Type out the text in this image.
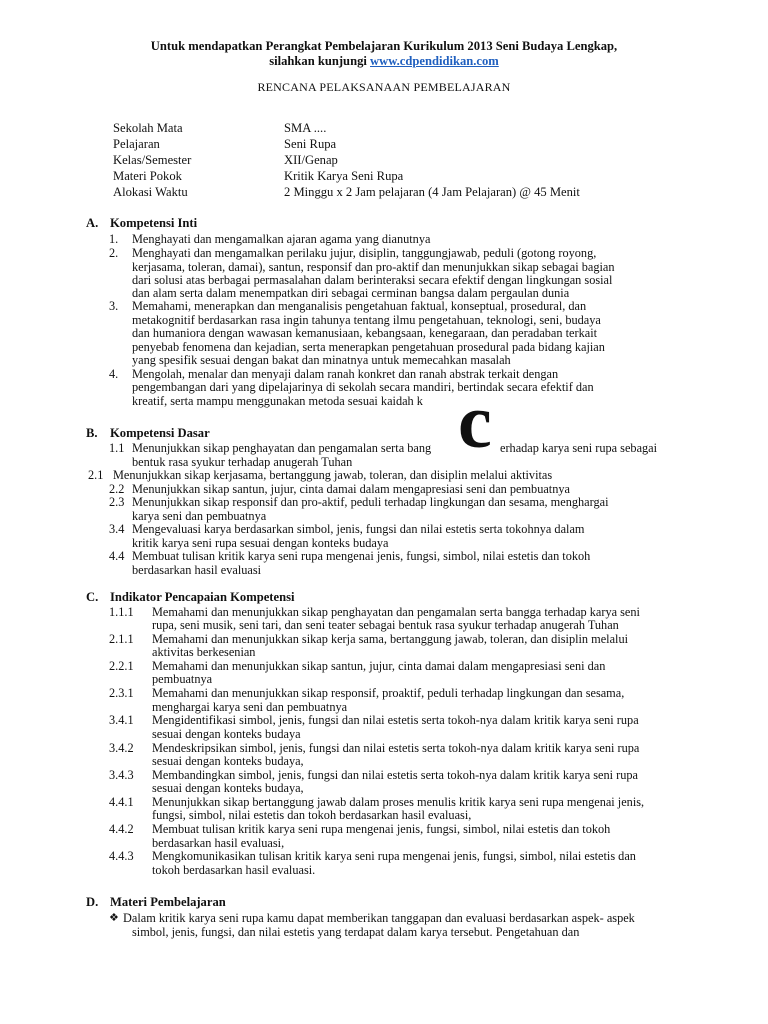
Untuk mendapatkan Perangkat Pembelajaran Kurikulum 2013 Seni Budaya Lengkap,
silahkan kunjungi www.cdpendidikan.com
RENCANA PELAKSANAAN PEMBELAJARAN
Sekolah Mata	SMA ....
Pelajaran	Seni Rupa
Kelas/Semester	XII/Genap
Materi Pokok	Kritik Karya Seni Rupa
Alokasi Waktu	2 Minggu x 2 Jam pelajaran (4 Jam Pelajaran) @ 45 Menit
A. Kompetensi Inti
1. Menghayati dan mengamalkan ajaran agama yang dianutnya
2. Menghayati dan mengamalkan perilaku jujur, disiplin, tanggungjawab, peduli (gotong royong,
kerjasama, toleran, damai), santun, responsif dan pro-aktif dan menunjukkan sikap sebagai bagian
dari solusi atas berbagai permasalahan dalam berinteraksi secara efektif dengan lingkungan sosial
dan alam serta dalam menempatkan diri sebagai cerminan bangsa dalam pergaulan dunia
3. Memahami, menerapkan dan menganalisis pengetahuan faktual, konseptual, prosedural, dan
metakognitif berdasarkan rasa ingin tahunya tentang ilmu pengetahuan, teknologi, seni, budaya
dan humaniora dengan wawasan kemanusiaan, kebangsaan, kenegaraan, dan peradaban terkait
penyebab fenomena dan kejadian, serta menerapkan pengetahuan prosedural pada bidang kajian
yang spesifik sesuai dengan bakat dan minatnya untuk memecahkan masalah
4. Mengolah, menalar dan menyaji dalam ranah konkret dan ranah abstrak terkait dengan
pengembangan dari yang dipelajarinya di sekolah secara mandiri, bertindak secara efektif dan
kreatif, serta mampu menggunakan metoda sesuai kaidah k c
B. Kompetensi Dasar
1.1 Menunjukkan sikap penghayatan dan pengamalan serta bang	erhadap karya seni rupa sebagai
bentuk rasa syukur terhadap anugerah Tuhan
2.1 Menunjukkan sikap kerjasama, bertanggung jawab, toleran, dan disiplin melalui aktivitas
2.2 Menunjukkan sikap santun, jujur, cinta damai dalam mengapresiasi seni dan pembuatnya
2.3 Menunjukkan sikap responsif dan pro-aktif, peduli terhadap lingkungan dan sesama, menghargai
karya seni dan pembuatnya
3.4 Mengevaluasi karya berdasarkan simbol, jenis, fungsi dan nilai estetis serta tokohnya dalam
kritik karya seni rupa sesuai dengan konteks budaya
4.4 Membuat tulisan kritik karya seni rupa mengenai jenis, fungsi, simbol, nilai estetis dan tokoh
berdasarkan hasil evaluasi
C. Indikator Pencapaian Kompetensi
1.1.1 Memahami dan menunjukkan sikap penghayatan dan pengamalan serta bangga terhadap karya seni
rupa, seni musik, seni tari, dan seni teater sebagai bentuk rasa syukur terhadap anugerah Tuhan
2.1.1 Memahami dan menunjukkan sikap kerja sama, bertanggung jawab, toleran, dan disiplin melalui
aktivitas berkesenian
2.2.1 Memahami dan menunjukkan sikap santun, jujur, cinta damai dalam mengapresiasi seni dan
pembuatnya
2.3.1 Memahami dan menunjukkan sikap responsif, proaktif, peduli terhadap lingkungan dan sesama,
menghargai karya seni dan pembuatnya
3.4.1 Mengidentifikasi simbol, jenis, fungsi dan nilai estetis serta tokoh-nya dalam kritik karya seni rupa
sesuai dengan konteks budaya
3.4.2 Mendeskripsikan simbol, jenis, fungsi dan nilai estetis serta tokoh-nya dalam kritik karya seni rupa
sesuai dengan konteks budaya,
3.4.3 Membandingkan simbol, jenis, fungsi dan nilai estetis serta tokoh-nya dalam kritik karya seni rupa
sesuai dengan konteks budaya,
4.4.1 Menunjukkan sikap bertanggung jawab dalam proses menulis kritik karya seni rupa mengenai jenis,
fungsi, simbol, nilai estetis dan tokoh berdasarkan hasil evaluasi,
4.4.2 Membuat tulisan kritik karya seni rupa mengenai jenis, fungsi, simbol, nilai estetis dan tokoh
berdasarkan hasil evaluasi,
4.4.3 Mengkomunikasikan tulisan kritik karya seni rupa mengenai jenis, fungsi, simbol, nilai estetis dan
tokoh berdasarkan hasil evaluasi.
D. Materi Pembelajaran
❖ Dalam kritik karya seni rupa kamu dapat memberikan tanggapan dan evaluasi berdasarkan aspek- aspek
simbol, jenis, fungsi, dan nilai estetis yang terdapat dalam karya tersebut. Pengetahuan dan
